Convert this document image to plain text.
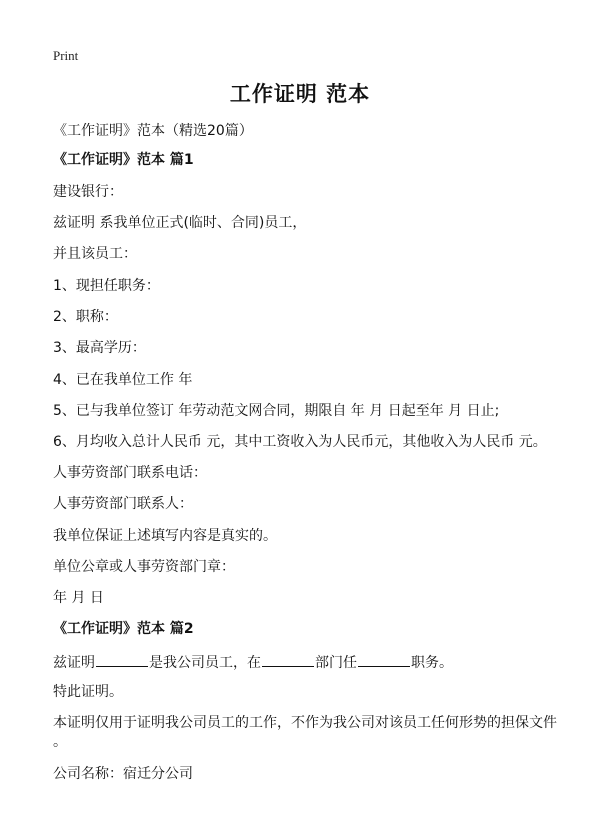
Print
工作证明 范本
《工作证明》范本（精选20篇）
《工作证明》范本 篇1
建设银行：
兹证明 系我单位正式(临时、合同)员工，
并且该员工：
1、现担任职务：
2、职称：
3、最高学历：
4、已在我单位工作 年
5、已与我单位签订 年劳动范文网合同，期限自 年 月 日起至年 月 日止;
6、月均收入总计人民币 元，其中工资收入为人民币元，其他收入为人民币 元。
人事劳资部门联系电话：
人事劳资部门联系人：
我单位保证上述填写内容是真实的。
单位公章或人事劳资部门章：
年 月 日
《工作证明》范本 篇2
兹证明	是我公司员工，在	部门任	职务。
特此证明。
本证明仅用于证明我公司员工的工作，不作为我公司对该员工任何形势的担保文件
。
公司名称：宿迁分公司
